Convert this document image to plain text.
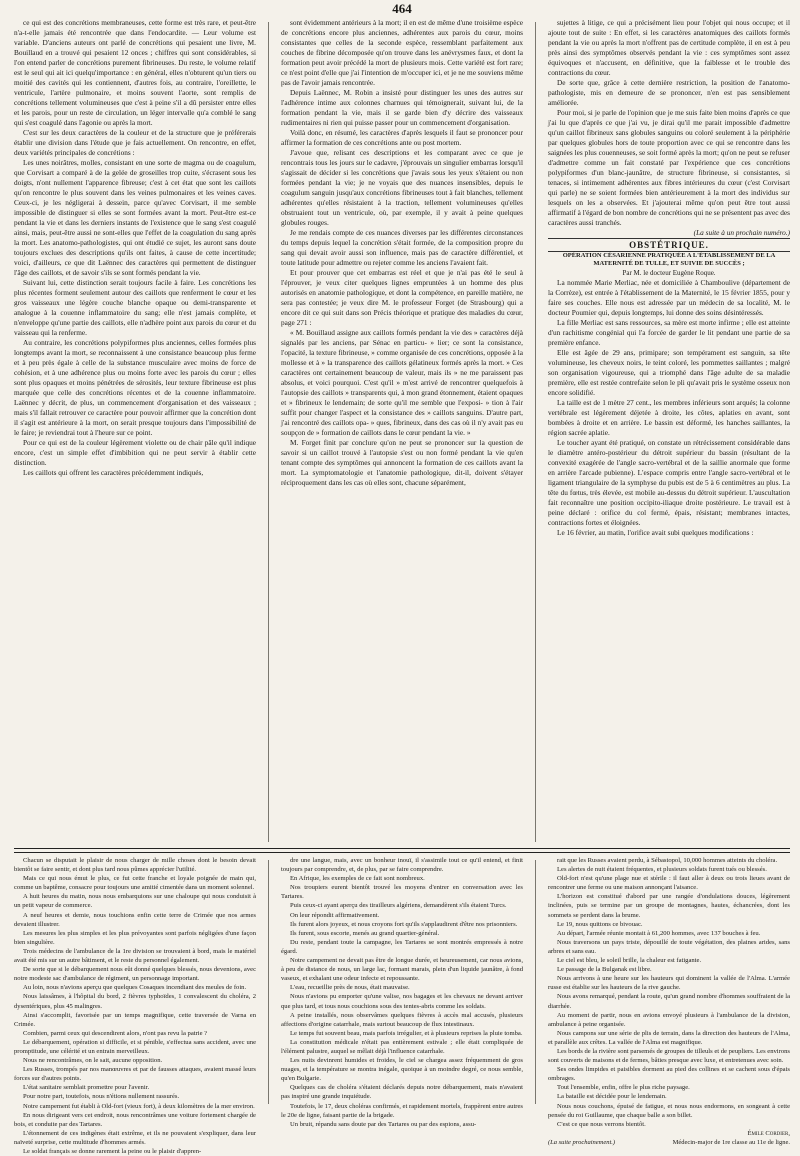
464

ce qui est des concrétions membraneuses, cette forme est très rare, et peut-être n'a-t-elle jamais été rencontrée que dans l'endocardite. — Leur volume est variable. D'anciens auteurs ont parlé de concrétions qui pesaient une livre, M. Bouillaud en a trouvé qui pesaient 12 onces ; chiffres qui sont considérables, si l'on entend parler de concrétions purement fibrineuses. Du reste, le volume relatif est le seul qui ait ici quelqu'importance : en général, elles n'obturent qu'un tiers ou moitié des cavités qui les contiennent, d'autres fois, au contraire, l'oreillette, le ventricule, l'artère pulmonaire, et moins souvent l'aorte, sont remplis de concrétions tellement volumineuses que c'est à peine s'il a dû persister entre elles et les parois, pour un reste de circulation, un léger intervalle qu'a comblé le sang qui s'est coagulé dans l'agonie ou après la mort.

C'est sur les deux caractères de la couleur et de la structure que je préférerais établir une division dans l'étude que je fais actuellement. On rencontre, en effet, deux variétés principales de concrétions :

Les unes noirâtres, molles, consistant en une sorte de magma ou de coagulum, que Corvisart a comparé à de la gelée de groseilles trop cuite, s'écrasent sous les doigts, n'ont nullement l'apparence fibreuse; c'est à cet état que sont les caillots qu'on rencontre le plus souvent dans les veines pulmonaires et les veines caves. Ceux-ci, je les négligerai à dessein, parce qu'avec Corvisart, il me semble impossible de distinguer si elles se sont formées avant la mort. Peut-être est-ce pendant la vie et dans les derniers instants de l'existence que le sang s'est coagulé ainsi, mais, peut-être aussi ne sont-elles que l'effet de la coagulation du sang après la mort. Les anatomo-pathologistes, qui ont étudié ce sujet, les auront sans doute toujours exclues des descriptions qu'ils ont faites, à cause de cette incertitude; voici, d'ailleurs, ce que dit Laënnec des caractères qui permettent de distinguer l'âge des caillots, et de savoir s'ils se sont formés pendant la vie.

Suivant lui, cette distinction serait toujours facile à faire. Les concrétions les plus récentes forment seulement autour des caillots que renferment le cœur et les gros vaisseaux une légère couche blanche opaque ou demi-transparente et analogue à la couenne inflammatoire du sang; elle n'est jamais complète, et n'enveloppe qu'une partie des caillots, elle n'adhère point aux parois du cœur et du vaisseau qui la renferme.

Au contraire, les concrétions polypiformes plus anciennes, celles formées plus longtemps avant la mort, se reconnaissent à une consistance beaucoup plus ferme et à peu près égale à celle de la substance musculaire avec moins de force de cohésion, et à une adhérence plus ou moins forte avec les parois du cœur ; elles sont plus opaques et moins pénétrées de sérosités, leur texture fibrineuse est plus marquée que celle des concrétions récentes et de la couenne inflammatoire. Laënnec y décrit, de plus, un commencement d'organisation et des vaisseaux ; mais s'il fallait retrouver ce caractère pour pouvoir affirmer que la concrétion dont il s'agit est antérieure à la mort, on serait presque toujours dans l'impossibilité de le faire; je reviendrai tout à l'heure sur ce point.

Pour ce qui est de la couleur légèrement violette ou de chair pâle qu'il indique encore, c'est un simple effet d'imbibition qui ne peut servir à établir cette distinction.

Les caillots qui offrent les caractères précédemment indiqués,

sont évidemment antérieurs à la mort; il en est de même d'une troisième espèce de concrétions encore plus anciennes, adhérentes aux parois du cœur, moins consistantes que celles de la seconde espèce, ressemblant parfaitement aux couches de fibrine décomposée qu'on trouve dans les anévrysmes faux, et dont la formation peut avoir précédé la mort de plusieurs mois. Cette variété est fort rare; ce n'est point d'elle que j'ai l'intention de m'occuper ici, et je ne me souviens même pas de l'avoir jamais rencontrée.

Depuis Laënnec, M. Robin a insisté pour distinguer les unes des autres sur l'adhérence intime aux colonnes charnues qui témoignerait, suivant lui, de la formation pendant la vie, mais il se garde bien d'y décrire des vaisseaux rudimentaires ni rien qui puisse passer pour un commencement d'organisation.

Voilà donc, en résumé, les caractères d'après lesquels il faut se prononcer pour affirmer la formation de ces concrétions ante ou post mortem.

J'avoue que, relisant ces descriptions et les comparant avec ce que je rencontrais tous les jours sur le cadavre, j'éprouvais un singulier embarras lorsqu'il s'agissait de décider si les concrétions que j'avais sous les yeux s'étaient ou non formées pendant la vie; je ne voyais que des nuances insensibles, depuis le coagulum sanguin jusqu'aux concrétions fibrineuses tout à fait blanches, tellement adhérentes qu'elles résistaient à la traction, tellement volumineuses qu'elles obstruaient tout un ventricule, où, par exemple, il y avait à peine quelques globules rouges.

Je me rendais compte de ces nuances diverses par les différentes circonstances du temps depuis lequel la concrétion s'était formée, de la composition propre du sang qui devait avoir aussi son influence, mais pas de caractère différentiel, et toute latitude pour admettre ou rejeter comme les anciens l'avaient fait.

Et pour prouver que cet embarras est réel et que je n'ai pas été le seul à l'éprouver, je veux citer quelques lignes empruntées à un homme des plus autorisés en anatomie pathologique, et dont la compétence, en pareille matière, ne sera pas contestée; je veux dire M. le professeur Forget (de Strasbourg) qui a encore dit ce qui suit dans son Précis théorique et pratique des maladies du cœur, page 271 :

« M. Bouillaud assigne aux caillots formés pendant la vie des » caractères déjà signalés par les anciens, par Sénac en particu- » lier; ce sont la consistance, l'opacité, la texture fibrineuse, » comme organisée de ces concrétions, opposée à la mollesse et à » la transparence des caillots gélatineux formés après la mort. » Ces caractères ont certainement beaucoup de valeur, mais ils » ne me paraissent pas absolus, et voici pourquoi. C'est qu'il » m'est arrivé de rencontrer quelquefois à l'autopsie des caillots » transparents qui, à mon grand étonnement, étaient opaques et » fibrineux le lendemain; de sorte qu'il me semble que l'exposi- » tion à l'air suffit pour changer l'aspect et la consistance des » caillots sanguins. D'autre part, j'ai rencontré des caillots opa- » ques, fibrineux, dans des cas où il n'y avait pas eu soupçon de » formation de caillots dans le cœur pendant la vie. »

M. Forget finit par conclure qu'on ne peut se prononcer sur la question de savoir si un caillot trouvé à l'autopsie s'est ou non formé pendant la vie qu'en tenant compte des symptômes qui annoncent la formation de ces caillots avant la mort. La symptomatologie et l'anatomie pathologique, dit-il, doivent s'étayer réciproquement dans les cas où elles sont, chacune séparément,

sujettes à litige, ce qui a précisément lieu pour l'objet qui nous occupe; et il ajoute tout de suite : En effet, si les caractères anatomiques des caillots formés pendant la vie ou après la mort n'offrent pas de certitude complète, il en est à peu près ainsi des symptômes observés pendant la vie : ces symptômes sont assez équivoques et n'accusent, en définitive, que la faiblesse et le trouble des contractions du cœur.

De sorte que, grâce à cette dernière restriction, la position de l'anatomo-pathologiste, mis en demeure de se prononcer, n'en est pas sensiblement améliorée.

Pour moi, si je parle de l'opinion que je me suis faite bien moins d'après ce que j'ai lu que d'après ce que j'ai vu, je dirai qu'il me parait impossible d'admettre qu'un caillot fibrineux sans globules sanguins ou coloré seulement à la périphérie par quelques globules hors de toute proportion avec ce qui se rencontre dans les saignées les plus couenneuses, se soit formé après la mort; qu'on ne peut se refuser d'admettre comme un fait constaté par l'expérience que ces concrétions polypiformes d'un blanc-jaunâtre, de structure fibrineuse, si consistantes, si tenaces, si intimement adhérentes aux fibres intérieures du cœur (c'est Corvisart qui parle) ne se soient formées bien antérieurement à la mort des individus sur lesquels on les a observées. Et j'ajouterai même qu'on peut être tout aussi affirmatif à l'égard de bon nombre de concrétions qui ne se présentent pas avec des caractères aussi tranchés.

(La suite à un prochain numéro.)

OBSTÉTRIQUE.

OPÉRATION CÉSARIENNE PRATIQUÉE A L'ÉTABLISSEMENT DE LA MATERNITÉ DE TULLE, ET SUIVIE DE SUCCÈS ;

Par M. le docteur Eugène Roque.

La nommée Marie Merliac, née et domiciliée à Chamboulive (département de la Corrèze), est entrée à l'établissement de la Maternité, le 15 février 1855, pour y faire ses couches. Elle nous est adressée par un médecin de sa localité, M. le docteur Poumier qui, depuis longtemps, lui donne des soins désintéressés.

La fille Merliac est sans ressources, sa mère est morte infirme ; elle est atteinte d'un rachitisme congénial qui l'a forcée de garder le lit pendant une partie de sa première enfance.

Elle est âgée de 29 ans, primipare; son tempérament est sanguin, sa tête volumineuse, les cheveux noirs, le teint coloré, les pommettes saillantes ; malgré son organisation vigoureuse, qui a triomphé dans l'âge adulte de sa maladie première, elle est restée contrefaite selon le pli qu'avait pris le système osseux non encore solidifié.

La taille est de 1 mètre 27 cent., les membres inférieurs sont arqués; la colonne vertébrale est légèrement déjetée à droite, les côtes, aplaties en avant, sont bombées à droite et en arrière. Le bassin est déformé, les hanches saillantes, la région sacrée aplatie.

Le toucher ayant été pratiqué, on constate un rétrécissement considérable dans le diamètre antéro-postérieur du détroit supérieur du bassin (résultant de la convexité exagérée de l'angle sacro-vertébral et de la saillie anormale que forme en arrière l'arcade pubienne). L'espace compris entre l'angle sacro-vertébral et le ligament triangulaire de la symphyse du pubis est de 5 à 6 centimètres au plus. La tête du fœtus, très élevée, est mobile au-dessus du détroit supérieur. L'auscultation fait reconnaître une position occipito-iliaque droite postérieure. Le travail est à peine déclaré : orifice du col fermé, épais, résistant; membranes intactes, contractions fortes et éloignées.

Le 16 février, au matin, l'orifice avait subi quelques modifications :

Chacun se disputait le plaisir de nous charger de mille choses dont le besoin devait bientôt se faire sentir, et dont plus tard nous pûmes apprécier l'utilité.

Mais ce qui nous émut le plus, ce fut cette franche et loyale poignée de main qui, comme un baptême, consacre pour toujours une amitié cimentée dans un moment solennel.

A huit heures du matin, nous nous embarquions sur une chaloupe qui nous conduisit à un petit vapeur de commerce.

A neuf heures et demie, nous touchions enfin cette terre de Crimée que nos armes devaient illustrer.

Les mesures les plus simples et les plus prévoyantes sont parfois négligées d'une façon bien singulière.

Trois médecins de l'ambulance de la 1re division se trouvaient à bord, mais le matériel avait été mis sur un autre bâtiment, et le reste du personnel également.

De sorte que si le débarquement nous eût donné quelques blessés, nous devenions, avec notre modeste sac d'ambulance de régiment, un personnage important.

Au loin, nous n'avions aperçu que quelques Cosaques incendiant des meules de foin.

Nous laissâmes, à l'hôpital du bord, 2 fièvres typhoïdes, 1 convalescent du choléra, 2 dysentériques, plus 45 malingres.

Ainsi s'accomplit, favorisée par un temps magnifique, cette traversée de Varna en Crimée.

Combien, parmi ceux qui descendirent alors, n'ont pas revu la patrie ?

Le débarquement, opération si difficile, et si pénible, s'effectua sans accident, avec une promptitude, une célérité et un entrain merveilleux.

Nous ne rencontrâmes, on le sait, aucune opposition.

Les Russes, trompés par nos manœuvres et par de fausses attaques, avaient massé leurs forces sur d'autres points.

L'état sanitaire semblait promettre pour l'avenir.

Pour notre part, toutefois, nous n'étions nullement rassurés.

Notre campement fut établi à Old-fort (vieux fort), à deux kilomètres de la mer environ.

En nous dirigeant vers cet endroit, nous rencontrâmes une voiture fortement chargée de bois, et conduite par des Tartares.

L'étonnement de ces indigènes était extrême, et ils ne pouvaient s'expliquer, dans leur naïveté surprise, cette multitude d'hommes armés.

Le soldat français se donne rarement la peine ou le plaisir d'appren-

dre une langue, mais, avec un bonheur inouï, il s'assimile tout ce qu'il entend, et finit toujours par comprendre, et, de plus, par se faire comprendre.

En Afrique, les exemples de ce fait sont nombreux.

Nos troupiers eurent bientôt trouvé les moyens d'entrer en conversation avec les Tartares.

Puis ceux-ci ayant aperçu des tirailleurs algériens, demandèrent s'ils étaient Turcs.

On leur répondit affirmativement.

Ils furent alors joyeux, et nous croyons fort qu'ils s'applaudirent d'être nos prisonniers.

Ils furent, sous escorte, menés au grand quartier-général.

Du reste, pendant toute la campagne, les Tartares se sont montrés empressés à notre égard.

Notre campement ne devait pas être de longue durée, et heureusement, car nous avions, à peu de distance de nous, un large lac, formant marais, plein d'un liquide jaunâtre, à fond vaseux, et exhalant une odeur infecte et repoussante.

L'eau, recueillie près de nous, était mauvaise.

Nous n'avions pu emporter qu'une valise, nos bagages et les chevaux ne devant arriver que plus tard, et tous nous couchions sous des tentes-abris comme les soldats.

A peine installés, nous observâmes quelques fièvres à accès mal accusés, plusieurs affections d'origine catarrhale, mais surtout beaucoup de flux intestinaux.

Le temps fut souvent beau, mais parfois irrégulier, et à plusieurs reprises la pluie tomba.

La constitution médicale n'était pas entièrement estivale ; elle était compliquée de l'élément palustre, auquel se mêlait déjà l'influence catarrhale.

Les nuits devinrent humides et froides, le ciel se chargea assez fréquemment de gros nuages, et la température se montra inégale, quoique à un moindre degré, ce nous semble, qu'en Bulgarie.

Quelques cas de choléra s'étaient déclarés depuis notre débarquement, mais n'avaient pas inspiré une grande inquiétude.

Toutefois, le 17, deux choléras confirmés, et rapidement mortels, frappèrent entre autres le 20e de ligne, faisant partie de la brigade.

Un bruit, répandu sans doute par des Tartares ou par des espions, assu-

rait que les Russes avaient perdu, à Sébastopol, 10,000 hommes atteints du choléra.

Les alertes de nuit étaient fréquentes, et plusieurs soldats furent tués ou blessés.

Old-fort n'est qu'une plage nue et stérile : il faut aller à deux ou trois lieues avant de rencontrer une ferme ou une maison annonçant l'aisance.

L'horizon est constitué d'abord par une rangée d'ondulations douces, légèrement inclinées, puis se termine par un groupe de montagnes, hautes, échancrées, dont les sommets se perdent dans la brume.

Le 19, nous quittons ce bivouac.

Au départ, l'armée réunie montait à 61,200 hommes, avec 137 bouches à feu.

Nous traversons un pays triste, dépouillé de toute végétation, des plaines arides, sans arbres et sans eau.

Le ciel est bleu, le soleil brille, la chaleur est fatigante.

Le passage de la Bulganak est libre.

Nous arrivons à une heure sur les hauteurs qui dominent la vallée de l'Alma. L'armée russe est établie sur les hauteurs de la rive gauche.

Nous avons remarqué, pendant la route, qu'un grand nombre d'hommes souffraient de la diarrhée.

Au moment de partir, nous en avions envoyé plusieurs à l'ambulance de la division, ambulance à peine organisée.

Nous campons sur une série de plis de terrain, dans la direction des hauteurs de l'Alma, et parallèle aux crêtes. La vallée de l'Alma est magnifique.

Les bords de la rivière sont parsemés de groupes de tilleuls et de peupliers. Les environs sont couverts de maisons et de fermes, bâties presque avec luxe, et entretenues avec soin.

Ses ondes limpides et paisibles dorment au pied des collines et se cachent sous d'épais ombrages.

Tout l'ensemble, enfin, offre le plus riche paysage.

La bataille est décidée pour le lendemain.

Nous nous couchons, épuisé de fatigue, et nous nous endormons, en songeant à cette pensée du roi Guillaume, que chaque balle a son billet.

C'est ce que nous verrons bientôt.

Émile Cordier,

(La suite prochainement.)	Médecin-major de 1re classe au 11e de ligne.
